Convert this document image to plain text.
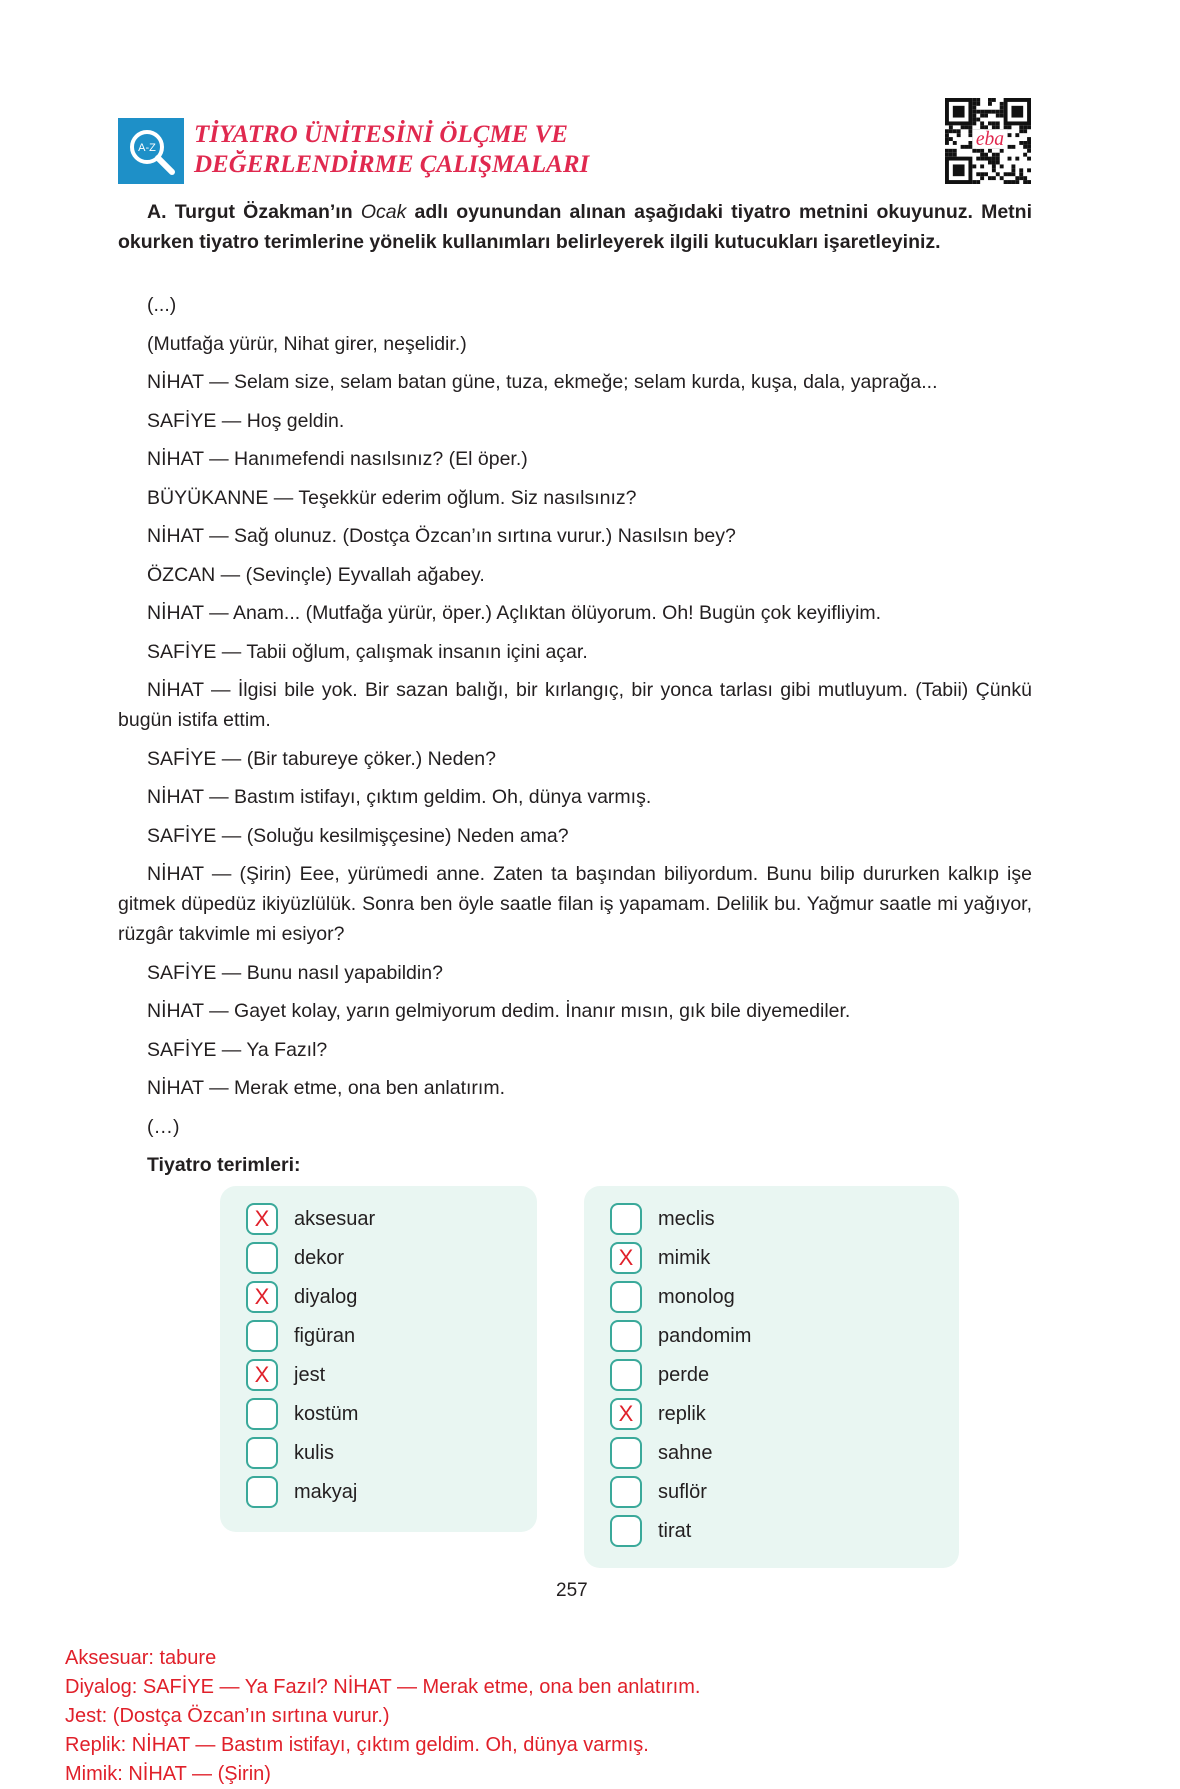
A-Z TİYATRO ÜNİTESİNİ ÖLÇME VE
DEĞERLENDİRME ÇALIŞMALARI
eba

A. Turgut Özakman’ın Ocak adlı oyunundan alınan aşağıdaki tiyatro metnini okuyunuz. Metni okurken tiyatro terimlerine yönelik kullanımları belirleyerek ilgili kutucukları işaretleyiniz.

(...)

(Mutfağa yürür, Nihat girer, neşelidir.)

NİHAT — Selam size, selam batan güne, tuza, ekmeğe; selam kurda, kuşa, dala, yaprağa...

SAFİYE — Hoş geldin.

NİHAT — Hanımefendi nasılsınız? (El öper.)

BÜYÜKANNE — Teşekkür ederim oğlum. Siz nasılsınız?

NİHAT — Sağ olunuz. (Dostça Özcan’ın sırtına vurur.) Nasılsın bey?

ÖZCAN — (Sevinçle) Eyvallah ağabey.

NİHAT — Anam... (Mutfağa yürür, öper.) Açlıktan ölüyorum. Oh! Bugün çok keyifliyim.

SAFİYE — Tabii oğlum, çalışmak insanın içini açar.

NİHAT — İlgisi bile yok. Bir sazan balığı, bir kırlangıç, bir yonca tarlası gibi mutluyum. (Tabii) Çünkü bugün istifa ettim.

SAFİYE — (Bir taburеye çöker.) Neden?

NİHAT — Bastım istifayı, çıktım geldim. Oh, dünya varmış.

SAFİYE — (Soluğu kesilmişçesine) Neden ama?

NİHAT — (Şirin) Eee, yürümedi anne. Zaten ta başından biliyordum. Bunu bilip dururken kalkıp işe gitmek düpedüz ikiyüzlülük. Sonra ben öyle saatle filan iş yapamam. Delilik bu. Yağmur saatle mi yağıyor, rüzgâr takvimle mi esiyor?

SAFİYE — Bunu nasıl yapabildin?

NİHAT — Gayet kolay, yarın gelmiyorum dedim. İnanır mısın, gık bile diyemediler.

SAFİYE — Ya Fazıl?

NİHAT — Merak etme, ona ben anlatırım.

(…)

Tiyatro terimleri:
X	aksesuar
dekor
X	diyalog
figüran
X	jest
kostüm
kulis
makyaj
meclis
X	mimik
monolog
pandomim
perde
X	replik
sahne
suflör
tirat
257
Aksesuar: tabure
Diyalog: SAFİYE — Ya Fazıl? NİHAT — Merak etme, ona ben anlatırım.
Jest: (Dostça Özcan’ın sırtına vurur.)
Replik: NİHAT — Bastım istifayı, çıktım geldim. Oh, dünya varmış.
Mimik: NİHAT — (Şirin)
